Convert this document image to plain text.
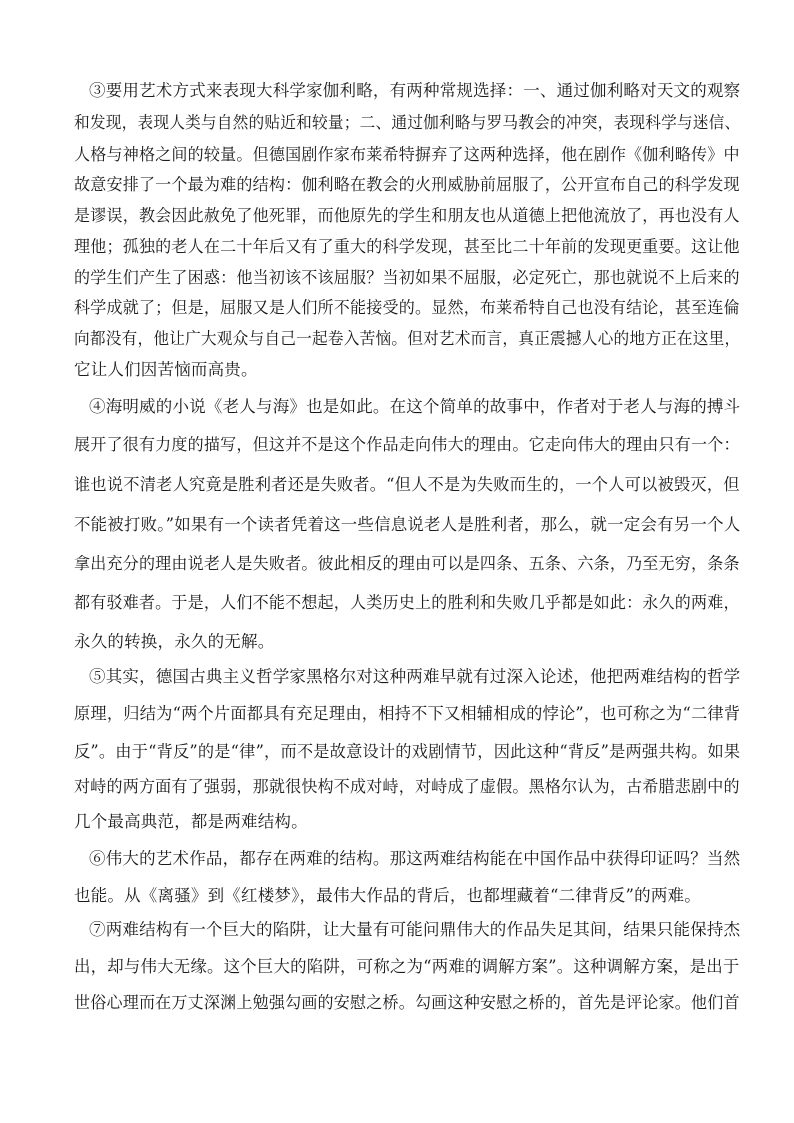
③要用艺术方式来表现大科学家伽利略，有两种常规选择：一、通过伽利略对天文的观察
和发现，表现人类与自然的贴近和较量；二、通过伽利略与罗马教会的冲突，表现科学与迷信、
人格与神格之间的较量。但德国剧作家布莱希特摒弃了这两种选择，他在剧作《伽利略传》中
故意安排了一个最为难的结构：伽利略在教会的火刑威胁前屈服了，公开宣布自己的科学发现
是谬误，教会因此赦免了他死罪，而他原先的学生和朋友也从道德上把他流放了，再也没有人
理他；孤独的老人在二十年后又有了重大的科学发现，甚至比二十年前的发现更重要。这让他
的学生们产生了困惑：他当初该不该屈服？当初如果不屈服，必定死亡，那也就说不上后来的
科学成就了；但是，屈服又是人们所不能接受的。显然，布莱希特自己也没有结论，甚至连倫
向都没有，他让广大观众与自己一起卷入苦恼。但对艺术而言，真正震撼人心的地方正在这里，
它让人们因苦恼而高贵。
④海明威的小说《老人与海》也是如此。在这个简单的故事中，作者对于老人与海的搏斗
展开了很有力度的描写，但这并不是这个作品走向伟大的理由。它走向伟大的理由只有一个：
谁也说不清老人究竟是胜利者还是失败者。“但人不是为失败而生的，一个人可以被毁灭，但
不能被打败。”如果有一个读者凭着这一些信息说老人是胜利者，那么，就一定会有另一个人
拿出充分的理由说老人是失败者。彼此相反的理由可以是四条、五条、六条，乃至无穷，条条
都有驳难者。于是，人们不能不想起，人类历史上的胜利和失败几乎都是如此：永久的两难，
永久的转换，永久的无解。
⑤其实，德国古典主义哲学家黑格尔对这种两难早就有过深入论述，他把两难结构的哲学
原理，归结为“两个片面都具有充足理由，相持不下又相辅相成的悖论”，也可称之为“二律背
反”。由于“背反”的是“律”，而不是故意设计的戏剧情节，因此这种“背反”是两强共构。如果
对峙的两方面有了强弱，那就很快构不成对峙，对峙成了虚假。黑格尔认为，古希腊悲剧中的
几个最高典范，都是两难结构。
⑥伟大的艺术作品，都存在两难的结构。那这两难结构能在中国作品中获得印证吗？当然
也能。从《离骚》到《红楼梦》，最伟大作品的背后，也都埋藏着“二律背反”的两难。
⑦两难结构有一个巨大的陷阱，让大量有可能问鼎伟大的作品失足其间，结果只能保持杰
出，却与伟大无缘。这个巨大的陷阱，可称之为“两难的调解方案”。这种调解方案，是出于
世俗心理而在万丈深渊上勉强勾画的安慰之桥。勾画这种安慰之桥的，首先是评论家。他们首
